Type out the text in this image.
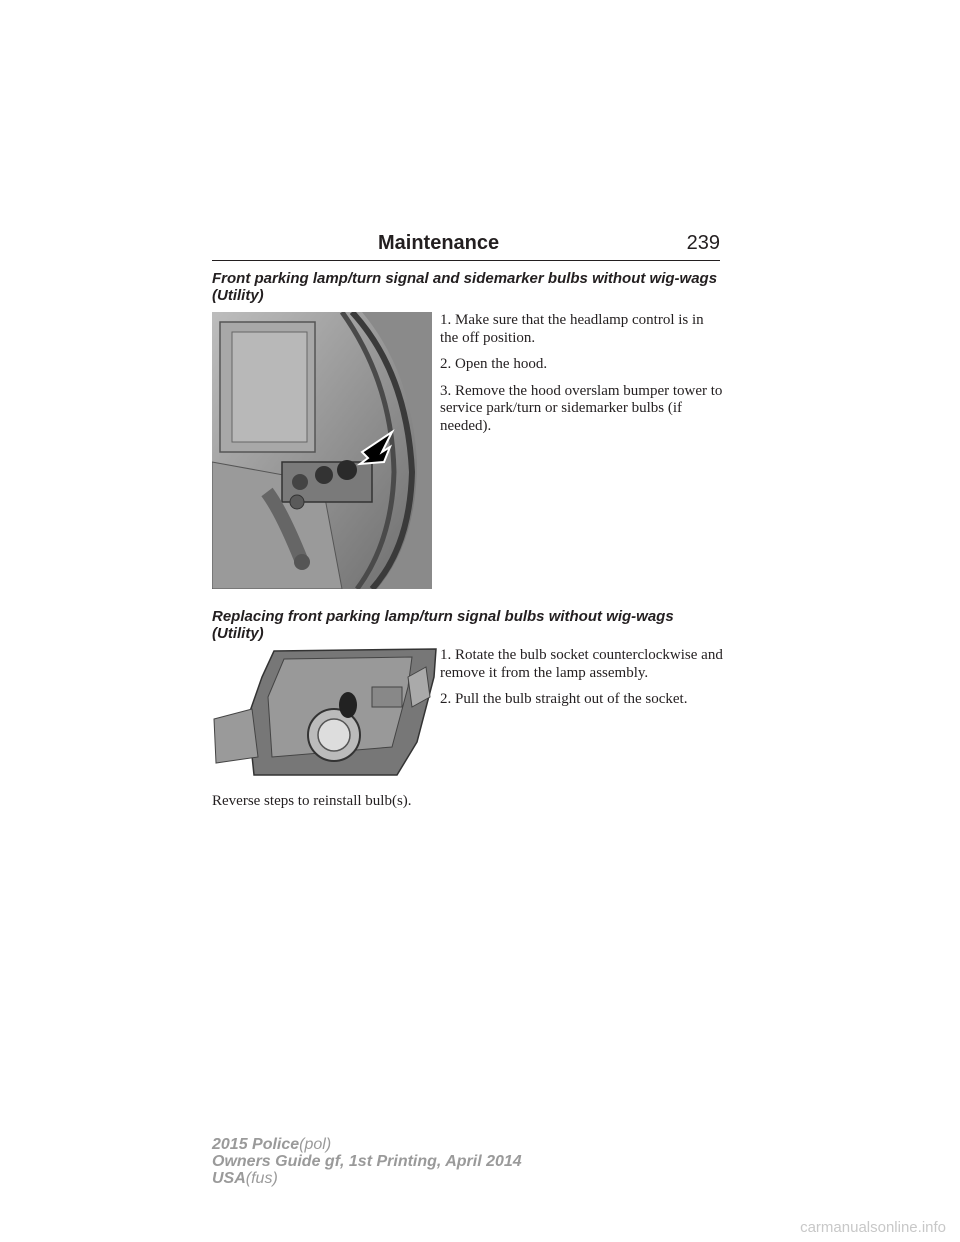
Maintenance	239
Front parking lamp/turn signal and sidemarker bulbs without wig-wags (Utility)

1. Make sure that the headlamp control is in the off position.

2. Open the hood.

3. Remove the hood overslam bumper tower to service park/turn or sidemarker bulbs (if needed).

Replacing front parking lamp/turn signal bulbs without wig-wags (Utility)

1. Rotate the bulb socket counterclockwise and remove it from the lamp assembly.

2. Pull the bulb straight out of the socket.

Reverse steps to reinstall bulb(s).
2015 Police(pol)
Owners Guide gf, 1st Printing, April 2014
USA(fus)
carmanualsonline.info
